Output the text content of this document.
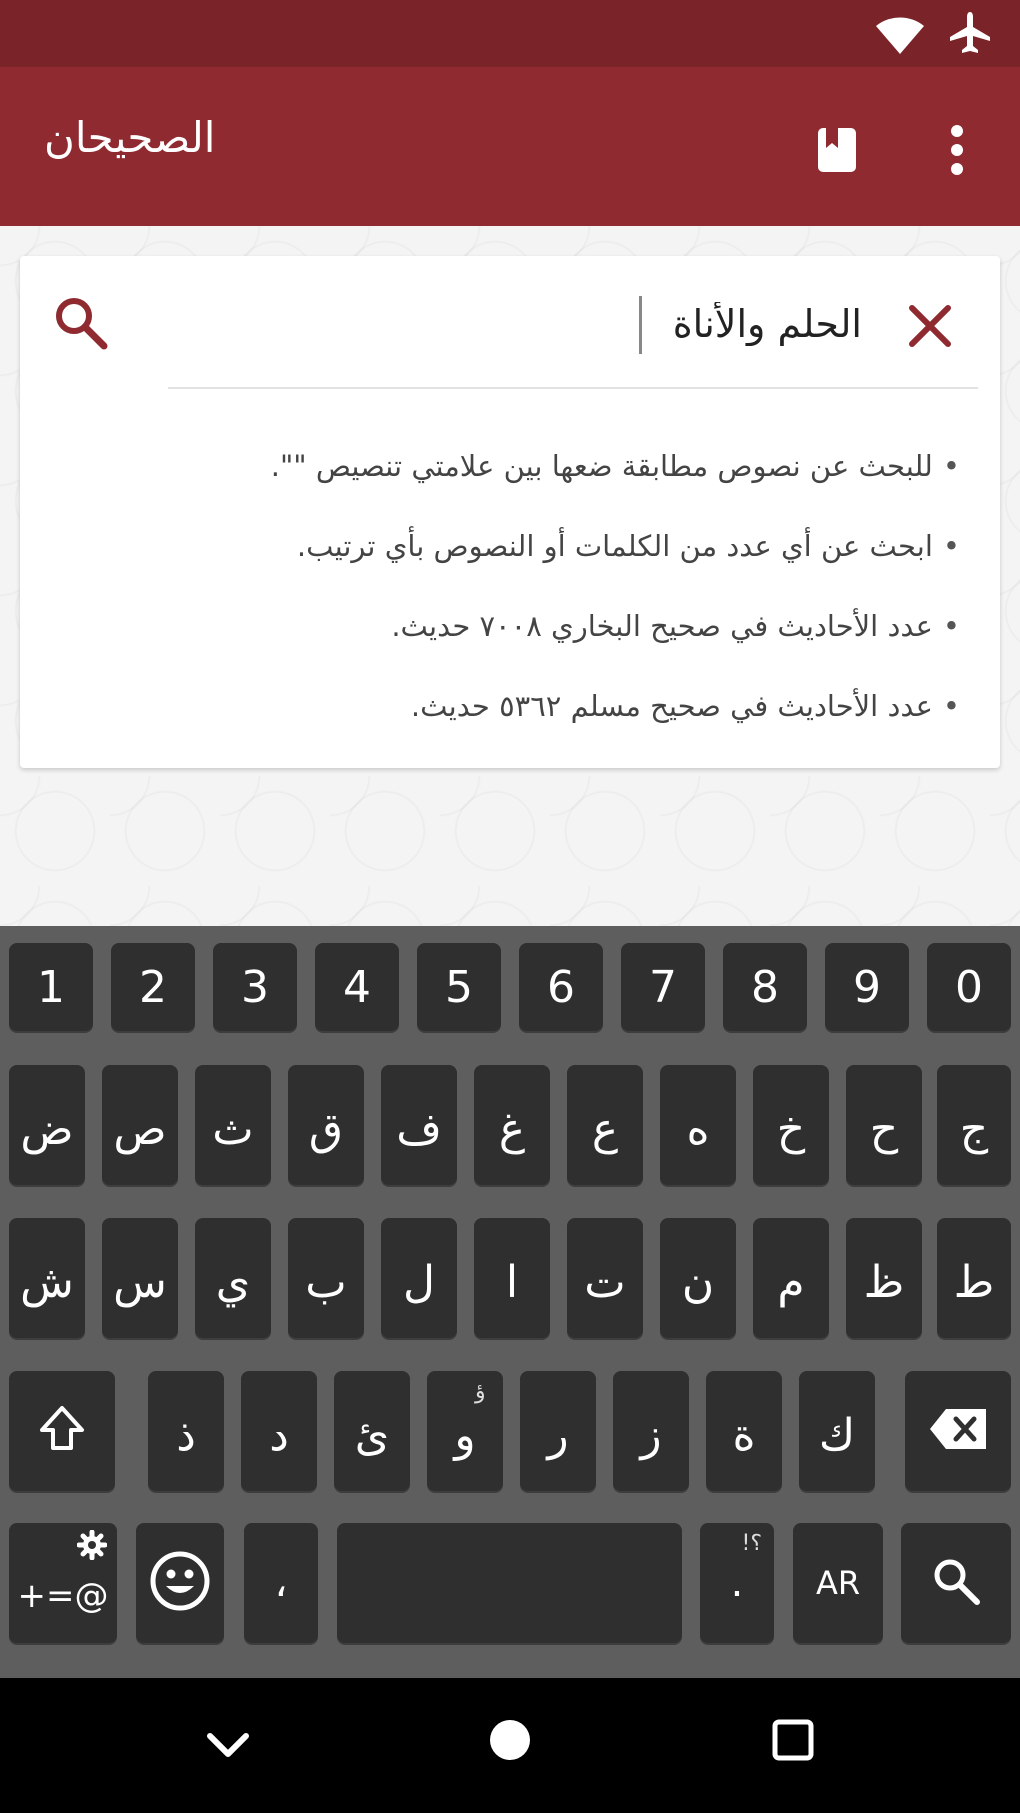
الصحيحان
الحلم والأناة
•للبحث عن نصوص مطابقة ضعها بين علامتي تنصيص "".
•ابحث عن أي عدد من الكلمات أو النصوص بأي ترتيب.
•عدد الأحاديث في صحيح البخاري ٧٠٠٨ حديث.
•عدد الأحاديث في صحيح مسلم ٥٣٦٢ حديث.
1	2	3	4	5	6	7	8	9	0
ض ص	ث	ق	ف	غ	ع	ه	خ	ح	ج
ش س	ي	ب	ل	ا	ت	ن	م	ظ	ط
ذ	د	ئ
ؤ
و	ر	ز	ة	ك
+=@	،
!؟
.	AR
